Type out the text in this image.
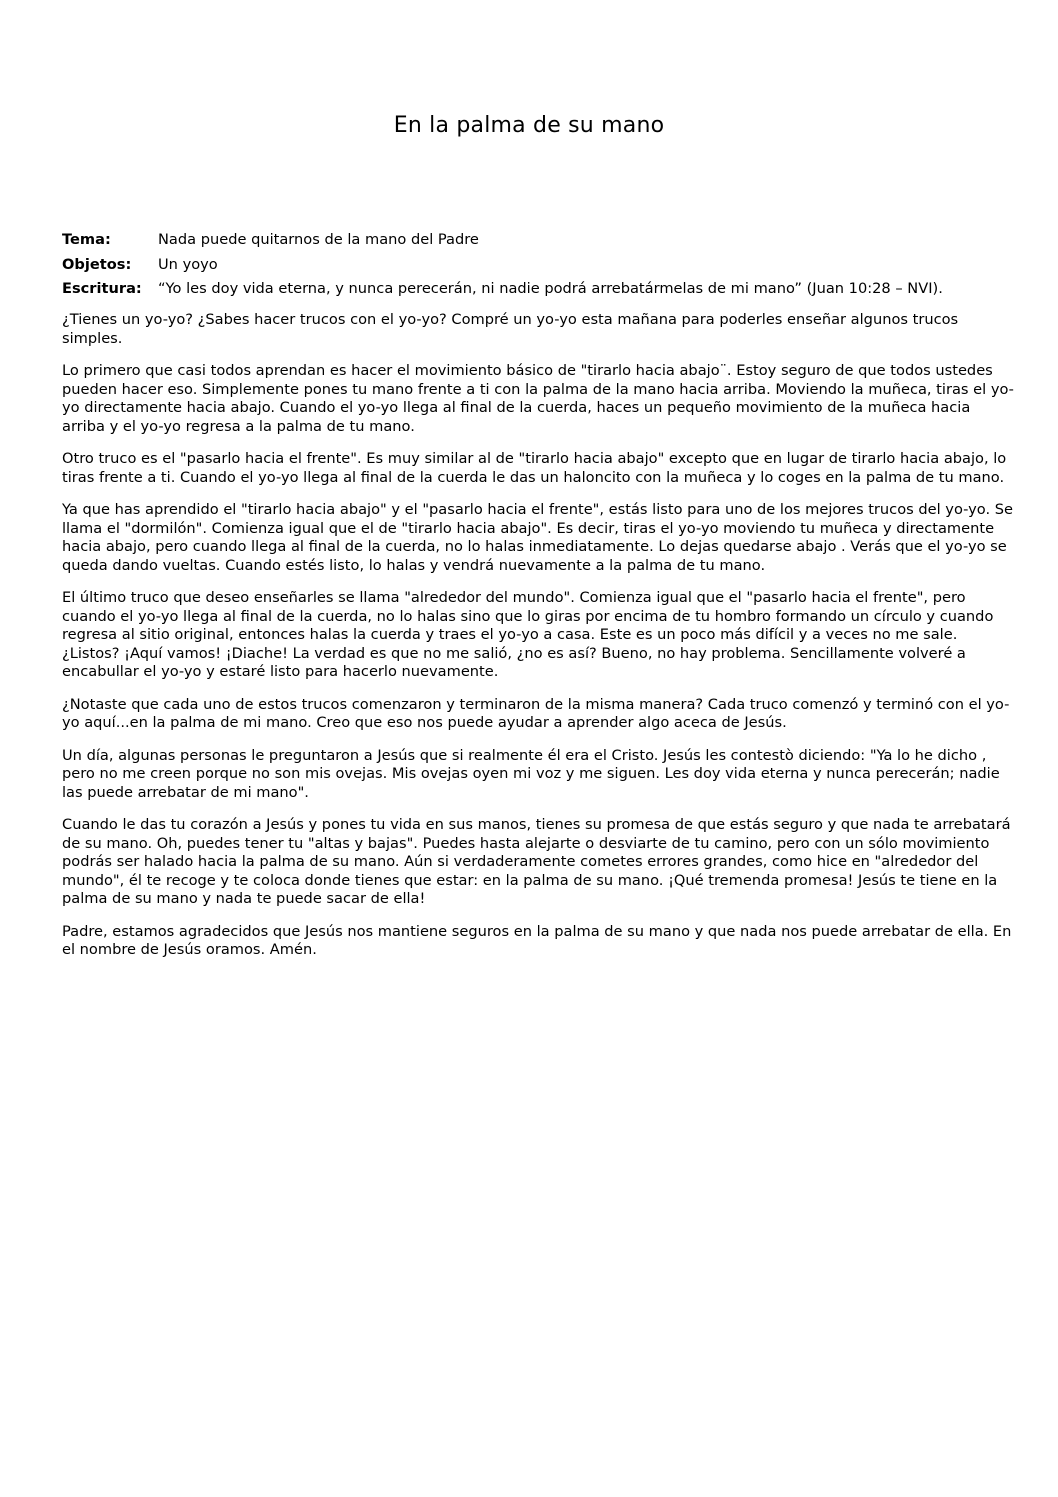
En la palma de su mano
Tema:	Nada puede quitarnos de la mano del Padre
Objetos:	Un yoyo
Escritura:	“Yo les doy vida eterna, y nunca perecerán, ni nadie podrá arrebatármelas de mi mano” (Juan 10:28 – NVI).

¿Tienes un yo-yo? ¿Sabes hacer trucos con el yo-yo? Compré un yo-yo esta mañana para poderles enseñar algunos trucos simples.

Lo primero que casi todos aprendan es hacer el movimiento básico de "tirarlo hacia abajo¨. Estoy seguro de que todos ustedes pueden hacer eso. Simplemente pones tu mano frente a ti con la palma de la mano hacia arriba. Moviendo la muñeca, tiras el yo-yo directamente hacia abajo. Cuando el yo-yo llega al final de la cuerda, haces un pequeño movimiento de la muñeca hacia arriba y el yo-yo regresa a la palma de tu mano.

Otro truco es el "pasarlo hacia el frente". Es muy similar al de "tirarlo hacia abajo" excepto que en lugar de tirarlo hacia abajo, lo tiras frente a ti. Cuando el yo-yo llega al final de la cuerda le das un haloncito con la muñeca y lo coges en la palma de tu mano.

Ya que has aprendido el "tirarlo hacia abajo" y el "pasarlo hacia el frente", estás listo para uno de los mejores trucos del yo-yo. Se llama el "dormilón". Comienza igual que el de "tirarlo hacia abajo". Es decir, tiras el yo-yo moviendo tu muñeca y directamente hacia abajo, pero cuando llega al final de la cuerda, no lo halas inmediatamente. Lo dejas quedarse abajo . Verás que el yo-yo se queda dando vueltas. Cuando estés listo, lo halas y vendrá nuevamente a la palma de tu mano.

El último truco que deseo enseñarles se llama "alrededor del mundo". Comienza igual que el "pasarlo hacia el frente", pero cuando el yo-yo llega al final de la cuerda, no lo halas sino que lo giras por encima de tu hombro formando un círculo y cuando regresa al sitio original, entonces halas la cuerda y traes el yo-yo a casa. Este es un poco más difícil y a veces no me sale. ¿Listos? ¡Aquí vamos! ¡Diache! La verdad es que no me salió, ¿no es así? Bueno, no hay problema. Sencillamente volveré a encabullar el yo-yo y estaré listo para hacerlo nuevamente.

¿Notaste que cada uno de estos trucos comenzaron y terminaron de la misma manera? Cada truco comenzó y terminó con el yo-yo aquí...en la palma de mi mano. Creo que eso nos puede ayudar a aprender algo aceca de Jesús.

Un día, algunas personas le preguntaron a Jesús que si realmente él era el Cristo. Jesús les contestò diciendo: "Ya lo he dicho , pero no me creen porque no son mis ovejas. Mis ovejas oyen mi voz y me siguen. Les doy vida eterna y nunca perecerán; nadie las puede arrebatar de mi mano".

Cuando le das tu corazón a Jesús y pones tu vida en sus manos, tienes su promesa de que estás seguro y que nada te arrebatará de su mano. Oh, puedes tener tu "altas y bajas". Puedes hasta alejarte o desviarte de tu camino, pero con un sólo movimiento podrás ser halado hacia la palma de su mano. Aún si verdaderamente cometes errores grandes, como hice en "alrededor del mundo", él te recoge y te coloca donde tienes que estar: en la palma de su mano. ¡Qué tremenda promesa! Jesús te tiene en la palma de su mano y nada te puede sacar de ella!

Padre, estamos agradecidos que Jesús nos mantiene seguros en la palma de su mano y que nada nos puede arrebatar de ella. En el nombre de Jesús oramos. Amén.
